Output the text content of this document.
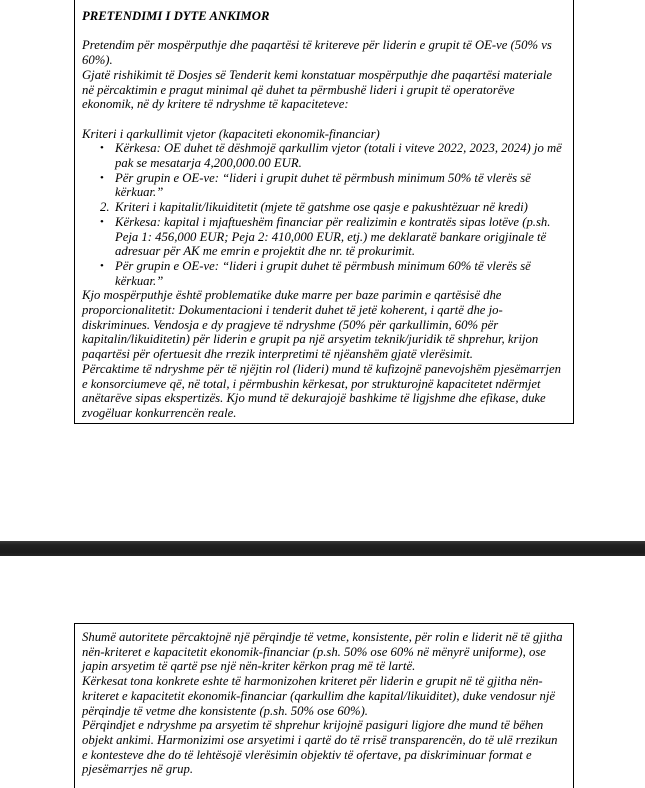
PRETENDIMI I DYTE ANKIMOR

Pretendim për mospërputhje dhe paqartësi të kritereve për liderin e grupit të OE-ve (50% vs 60%).

Gjatë rishikimit të Dosjes së Tenderit kemi konstatuar mospërputhje dhe paqartësi materiale në përcaktimin e pragut minimal që duhet ta përmbushë lideri i grupit të operatorëve ekonomik, në dy kritere të ndryshme të kapaciteteve:

Kriteri i qarkullimit vjetor (kapaciteti ekonomik-financiar)

• Kërkesa: OE duhet të dëshmojë qarkullim vjetor (totali i viteve 2022, 2023, 2024) jo më pak se mesatarja 4,200,000.00 EUR.
• Për grupin e OE-ve: “lideri i grupit duhet të përmbush minimum 50% të vlerës së kërkuar.”
2. Kriteri i kapitalit/likuiditetit (mjete të gatshme ose qasje e pakushtëzuar në kredi)
• Kërkesa: kapital i mjaftueshëm financiar për realizimin e kontratës sipas lotëve (p.sh. Peja 1: 456,000 EUR; Peja 2: 410,000 EUR, etj.) me deklaratë bankare origjinale të adresuar për AK me emrin e projektit dhe nr. të prokurimit.
• Për grupin e OE-ve: “lideri i grupit duhet të përmbush minimum 60% të vlerës së kërkuar.”

Kjo mospërputhje është problematike duke marre per baze parimin e qartësisë dhe proporcionalitetit: Dokumentacioni i tenderit duhet të jetë koherent, i qartë dhe jo-diskriminues. Vendosja e dy pragjeve të ndryshme (50% për qarkullimin, 60% për kapitalin/likuiditetin) për liderin e grupit pa një arsyetim teknik/juridik të shprehur, krijon paqartësi për ofertuesit dhe rrezik interpretimi të njëanshëm gjatë vlerësimit.

Përcaktime të ndryshme për të njëjtin rol (lideri) mund të kufizojnë panevojshëm pjesëmarrjen e konsorciumeve që, në total, i përmbushin kërkesat, por strukturojnë kapacitetet ndërmjet anëtarëve sipas ekspertizës. Kjo mund të dekurajojë bashkime të ligjshme dhe efikase, duke zvogëluar konkurrencën reale.

Shumë autoritete përcaktojnë një përqindje të vetme, konsistente, për rolin e liderit në të gjitha nën-kriteret e kapacitetit ekonomik-financiar (p.sh. 50% ose 60% në mënyrë uniforme), ose japin arsyetim të qartë pse një nën-kriter kërkon prag më të lartë.

Kërkesat tona konkrete eshte të harmonizohen kriteret për liderin e grupit në të gjitha nën-kriteret e kapacitetit ekonomik-financiar (qarkullim dhe kapital/likuiditet), duke vendosur një përqindje të vetme dhe konsistente (p.sh. 50% ose 60%).

Përqindjet e ndryshme pa arsyetim të shprehur krijojnë pasiguri ligjore dhe mund të bëhen objekt ankimi. Harmonizimi ose arsyetimi i qartë do të rrisë transparencën, do të ulë rrezikun e kontesteve dhe do të lehtësojë vlerësimin objektiv të ofertave, pa diskriminuar format e pjesëmarrjes në grup.
